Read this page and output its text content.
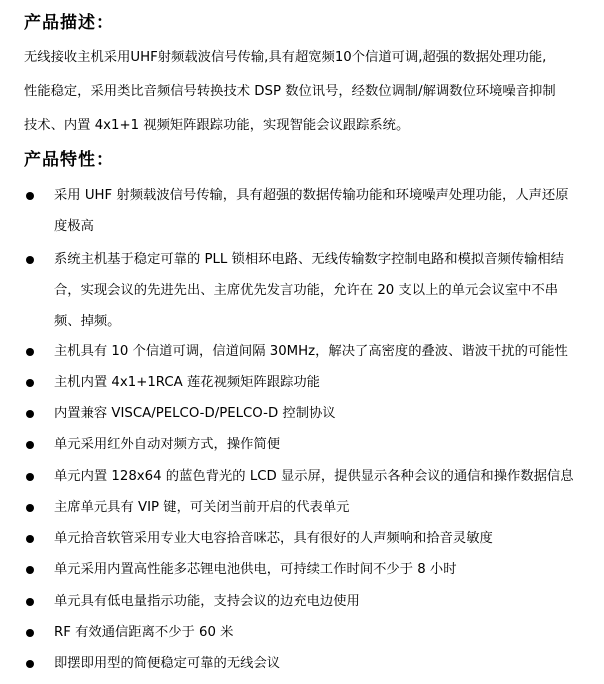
产品描述：
无线接收主机采用UHF射频载波信号传输,具有超宽频10个信道可调,超强的数据处理功能,
性能稳定，采用类比音频信号转换技术 DSP 数位讯号，经数位调制/解调数位环境噪音抑制
技术、内置 4x1+1 视频矩阵跟踪功能，实现智能会议跟踪系统。
产品特性：
采用 UHF 射频载波信号传输，具有超强的数据传输功能和环境噪声处理功能，人声还原
度极高
系统主机基于稳定可靠的 PLL 锁相环电路、无线传输数字控制电路和模拟音频传输相结
合，实现会议的先进先出、主席优先发言功能，允许在 20 支以上的单元会议室中不串
频、掉频。
主机具有 10 个信道可调，信道间隔 30MHz，解决了高密度的叠波、谐波干扰的可能性
主机内置 4x1+1RCA 莲花视频矩阵跟踪功能
内置兼容 VISCA/PELCO-D/PELCO-D 控制协议
单元采用红外自动对频方式，操作简便
单元内置 128x64 的蓝色背光的 LCD 显示屏，提供显示各种会议的通信和操作数据信息
主席单元具有 VIP 键，可关闭当前开启的代表单元
单元拾音软管采用专业大电容拾音咪芯，具有很好的人声频响和拾音灵敏度
单元采用内置高性能多芯锂电池供电，可持续工作时间不少于 8 小时
单元具有低电量指示功能，支持会议的边充电边使用
RF 有效通信距离不少于 60 米
即摆即用型的简便稳定可靠的无线会议
